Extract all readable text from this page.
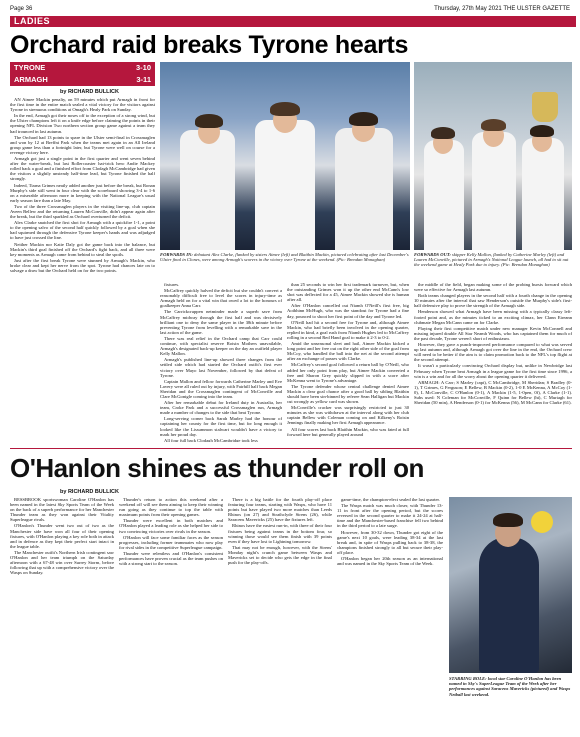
Page 36	Thursday, 27th May 2021 THE ULSTER GAZETTE
LADIES
Orchard raid breaks Tyrone hearts
TYRONE	3-10
ARMAGH	3-11
by RICHARD BULLICK

AN Aimee Mackin penalty, on 59 minutes which put Armagh in front for the first time in the entire match sealed a vital victory for the visitors against Tyrone in strenuous conditions at Omagh's Healy Park on Sunday.

In the end, Armagh got their noses off to the exception of a strong wind, but the Ulster champions left it on a knife edge before claiming the points in their opening NFL Division Two northern section group game against a team they had trounced in last autumn.

The Orchard had 13 points to spare in the Ulster semi-final in Crossmaglen and won by 12 at Breffni Park when the teams met again in an All Ireland group game less than a fortnight later, but Tyrone were well on course for a revenge victory here.

Armagh got just a single point in the first quarter and went seven behind after the water-break, but last Rollercoaster hat-trick hero Andie Mackey rolled back a goal and a finished effort from Clodagh McCambridge had given the visitors a slightly unsteady half-time lead, but Tyrone finished the half strongly.

Indeed, Tiarna Grimes neatly added another just before the break, but Ronan Murphy's side still went in four clear with the scoreboard showing 3-4 to 1-6 on a miserable afternoon more in keeping with the National League's usual early season fare than a late May.

Two of the three Crossmaglen players in the visiting line-up, club captain Aveen Bellew and the returning Lauren McConville, didn't appear again after the break, but the third sparkled as Orchard overturned the deficit.

Alex Clarke snatched the first shot for Armagh with a quickfire 1-1, a point to the opening salvo of the second half quickly followed by a goal when she had squirmed through the defensive Tyrone keeper's hands and was adjudged to have just crossed the line.

Neither Mackin nor Katie Daly got the game back into the balance, but Mackin's third goal finished off the Orchard's fight back, and all three were key moments as Armagh came from behind to steal the spoils.

Just after the first break Tyrone were stunned by Armagh's Mackin, who broke clear and kept her nerve from the spot. Tyrone had chances late on to salvage a draw but the Orchard held on for the two points.

FORWARDS IN: debutant Alex Clarke, flanked by sisters Aimee (left) and Blaithin Mackin, pictured celebrating after last December's Ulster final in Clones, were among Armagh's scorers in the victory over Tyrone at the weekend. (Pic: Brendan Monaghan)
FORWARDS OUT: skipper Kelly Mallon, flanked by Catherine Marley (left) and Lauren McConville, pictured in Armagh's National League launch, all had to sit out the weekend game at Healy Park due to injury. (Pic: Brendan Monaghan)

fixtures.

McCaffrey quickly halved the deficit but she couldn't convert a reasonably difficult free to level the scores in injury-time as Armagh held on for a vital win that owed a lot to the honours of goalkeeper Anna Carr.

The Carrickcruppen netminder made a superb save from McCaffrey midway through the first half and was decisively brilliant one to deny the same player in the 38th minute before preventing Tyrone from levelling with a remarkable save in the last action of the game.

There was real relief in the Orchard camp that Carr could continue, with specialist reserve Roisin Mothers unavailable, Armagh's designated back-up keeper on the day an outfield player Kelly Mallon.

Armagh's published line-up showed three changes from the settled side which had started the Orchard outfit's first ever victory over Mayo last November, followed by that defeat of Tyrone.

Captain Mallon and fellow forwards Catherine Marley and Eve Lavery were all ruled out by injury, with Fairhill half back Megan Sheridan and the Crossmaglen contingent of McConville and Clare McGonigle coming into the team.

After her remarkable debut for Ireland duty in Australia, her team, Croke Park and a successful Crossmaglen run, Armagh made a number of changes to the side that beat Tyrone.

Long-serving corner back Sarah Marley had the honour of captaining her county for the first time, but for long enough it looked like the Lissummon stalwart wouldn't have a victory to mark her proud day.

All four full back Clodagh McCambridge took less

than 25 seconds to win her first trademark turnover, but, when the outstanding Grimes won it up the other end McCann's low shot was deflected for a 45, Aimee Mackin showed she is human after all.

After O'Hanlon cancelled out Niamh O'Neill's first free, big Aoibhinn McHugh, who was the standout for Tyrone had a fine day, pounced to shoot her first point of the day and Tyrone led.

O'Neill had hit a second free for Tyrone and, although Aimee Mackin, who had briefly been involved in the opening quarter, replied in kind, a goal rush from Niamh Hughes led to McCaffrey rolling in a second Red Hand goal to make it 2-3 to 0-2.

Amid the unseasonal sleet and hail, Aimee Mackin kicked a long point and her free out on the right other side of the goal from McCoy, who handled the ball into the net at the second attempt after an exchange of passes with Clarke.

McCaffrey's second goal followed a return ball by O'Neill, who added her only point from play, but Aimee Mackin converted a free and Sharon Grey quickly slipped in with a score after McKenna went to Tyrone's advantage.

The Tyrone defender whose central challenge denied Aimee Mackin a clear goal chance after a good ball by sibling Blaithin should have been sin-binned by referee Sean Halligan but Mackin cut wrongly as yellow card was shown.

McConville's cracker was surprisingly restricted to just 30 minutes as she was withdrawn at the interval along with her club captain Bellew with Coleman coming on and Kilkeny's Roisin Jennings finally making her first Armagh appearance.

All four scores last back Blaithin Mackin, who was fated at full forward here but generally played around

the middle of the field, began making some of the probing bursts forward which were so effective for Armagh last autumn.

Both teams changed players in the second half with a fourth change in the opening 10 minutes after the interval that saw Henderson's outside the Murphy's side's first-half defensive play to prove the strength of the Armagh side.

Henderson showed what Armagh have been missing with a typically classy left-footed point and, as the minutes ticked to an exciting climax, her Clann Eireann clubmate Megan McCann came on for Clarke.

Playing their first competitive match under new manager Kevin McConnell and missing injured double All Star Neamh Woods, who has captained them for much of the past decade, Tyrone weren't short of enthusiasm.

However, they gave a punch-improved performance compared to what was served up last autumn and, although Armagh got over the line in the end, the Orchard crew will need to be better if the aim is to claim promotion back to the NFL's top flight at the second attempt.

It wasn't a particularly convincing Orchard display but, unlike in Newbridge last February when Tyrone beat Armagh in a league game for the first time since 1996, a win is a win and for all the worry about the opening quarter it delivered.

ARMAGH: A Carr; S Marley (capt), C McCambridge, M Sheridan; S Bradley (0-1), T Grimes, G Ferguson; E Bellew, B Mackin (0-2), 1-0 E McKenna, A McCoy (1-0), L McConville, C O'Hanlon (0-1), A Mackin (1-5, 1-0pen, 0f), A Clarke (1-1). Subs used: N Coleman for McConville, F Quinn for Bellew (ht), C Murtagh for Sheridan (50 min), A Henderson (0-1) for McKenna (56), M McCann for Clarke (61).

O'Hanlon shines as thunder roll on
by RICHARD BULLICK

BESSBROOK sportswoman Caroline O'Hanlon has been named in the latest Sky Sports Team of the Week on the back of a superb performance for her Manchester Thunder team as they won against their Vitality Superleague rivals.

O'Hanlon's Thunder went two out of two as the Manchester side have won all four of their opening fixtures, with O'Hanlon playing a key role both in attack and in defence as they kept their perfect start intact in the league table.

The Manchester outfit's Northern Irish contingent saw O'Hanlon and her team triumph on the Saturday afternoon with a 67-48 win over Surrey Storm, before following that up with a comprehensive victory over the Wasps on Sunday.

Thunder's return to action this weekend after a weekend off will see them aiming to keep their winning run going as they continue to top the table with maximum points from their opening games.

Thunder were excellent in both matches and O'Hanlon played a leading role as she helped her side to two convincing victories over rivals in the season.

O'Hanlon will face some familiar faces as the season progresses, including former teammates who now play for rival sides in the competitive Superleague campaign.

Thunder were relentless and O'Hanlon's consistent performances have proven crucial as the team pushes on with a strong start to the season.

There is a big battle for the fourth play-off place featuring four teams, starting with Wasps, who have 11 points but have played two more matches than Leeds Rhinos (on 27) and Strathclyde Sirens (26), while Saracens Mavericks (25) have the fixtures left.

Rhinos have the easiest run-in, with three of their four fixtures being against teams in the bottom four, so winning those would see them finish with 39 points even if they have lost to Lightning tomorrow.

That may not be enough, however, with the Sirens' Monday night's crunch game between Wasps and Mavericks set to decide who gets the edge in the final push for the play-offs.

game-time, the champion-elect sealed the last quarter.

The Wasps match was much closer, with Thunder 13-11 in front after the opening period, but the scores reversed in the second quarter to make it 24-24 at half-time and the Manchester-based franchise fell two behind in the third period to a late surge.

However, from 30-32 down, Thunder got eight of the game's next 10 goals, were leading 38-34 at the last break and, in spite of Wasps pulling back to 38-38, the champions finished strongly to all but secure their play-off place.

O'Hanlon began her 20th season as an international and was named in the Sky Sports Team of the Week.

STARRING ROLE: local star Caroline O'Hanlon has been named in Sky's SuperLeague Team of the Week after her performances against Saracens Mavericks (pictured) and Wasps Netball last weekend.
